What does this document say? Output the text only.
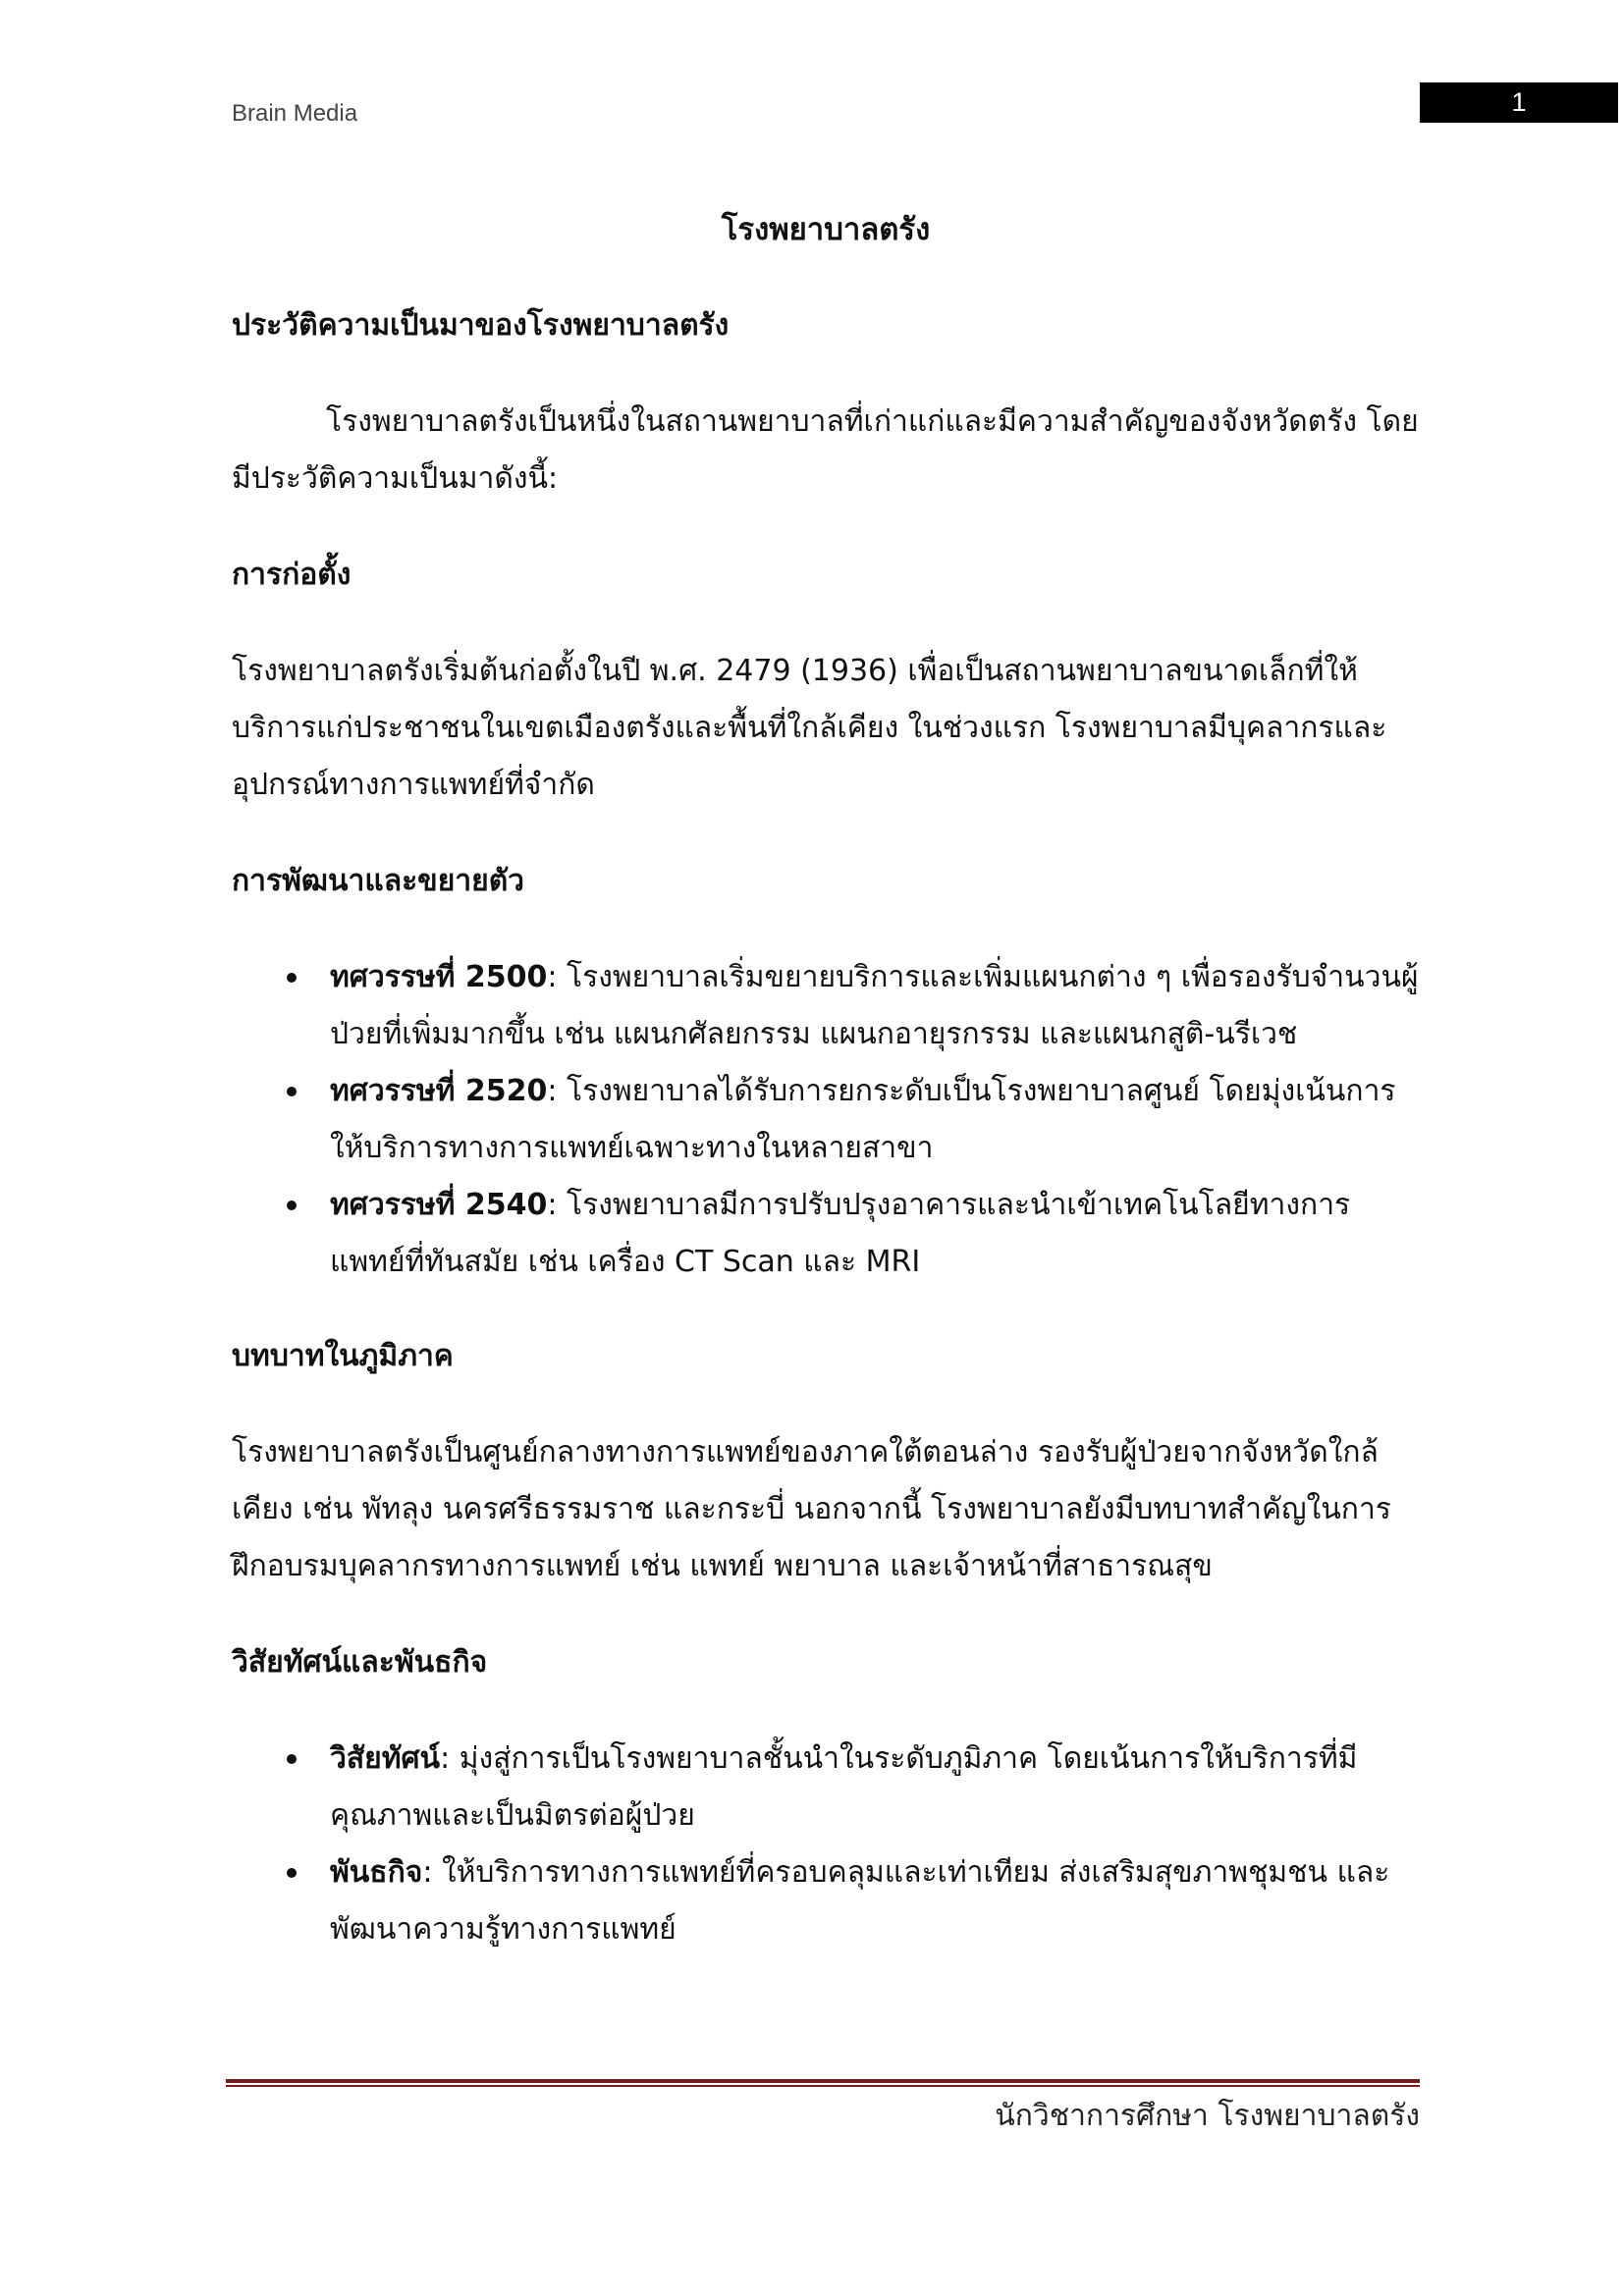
Brain Media	1
โรงพยาบาลตรัง
ประวัติความเป็นมาของโรงพยาบาลตรัง

โรงพยาบาลตรังเป็นหนึ่งในสถานพยาบาลที่เก่าแก่และมีความสำคัญของจังหวัดตรัง โดยมีประวัติความเป็นมาดังนี้:

การก่อตั้ง

โรงพยาบาลตรังเริ่มต้นก่อตั้งในปี พ.ศ. 2479 (1936) เพื่อเป็นสถานพยาบาลขนาดเล็กที่ให้บริการแก่ประชาชนในเขตเมืองตรังและพื้นที่ใกล้เคียง ในช่วงแรก โรงพยาบาลมีบุคลากรและอุปกรณ์ทางการแพทย์ที่จำกัด

การพัฒนาและขยายตัว
ทศวรรษที่ 2500: โรงพยาบาลเริ่มขยายบริการและเพิ่มแผนกต่าง ๆ เพื่อรองรับจำนวนผู้ป่วยที่เพิ่มมากขึ้น เช่น แผนกศัลยกรรม แผนกอายุรกรรม และแผนกสูติ-นรีเวช
ทศวรรษที่ 2520: โรงพยาบาลได้รับการยกระดับเป็นโรงพยาบาลศูนย์ โดยมุ่งเน้นการให้บริการทางการแพทย์เฉพาะทางในหลายสาขา
ทศวรรษที่ 2540: โรงพยาบาลมีการปรับปรุงอาคารและนำเข้าเทคโนโลยีทางการแพทย์ที่ทันสมัย เช่น เครื่อง CT Scan และ MRI
บทบาทในภูมิภาค

โรงพยาบาลตรังเป็นศูนย์กลางทางการแพทย์ของภาคใต้ตอนล่าง รองรับผู้ป่วยจากจังหวัดใกล้เคียง เช่น พัทลุง นครศรีธรรมราช และกระบี่ นอกจากนี้ โรงพยาบาลยังมีบทบาทสำคัญในการฝึกอบรมบุคลากรทางการแพทย์ เช่น แพทย์ พยาบาล และเจ้าหน้าที่สาธารณสุข

วิสัยทัศน์และพันธกิจ
วิสัยทัศน์: มุ่งสู่การเป็นโรงพยาบาลชั้นนำในระดับภูมิภาค โดยเน้นการให้บริการที่มีคุณภาพและเป็นมิตรต่อผู้ป่วย
พันธกิจ: ให้บริการทางการแพทย์ที่ครอบคลุมและเท่าเทียม ส่งเสริมสุขภาพชุมชน และพัฒนาความรู้ทางการแพทย์
นักวิชาการศึกษา โรงพยาบาลตรัง
